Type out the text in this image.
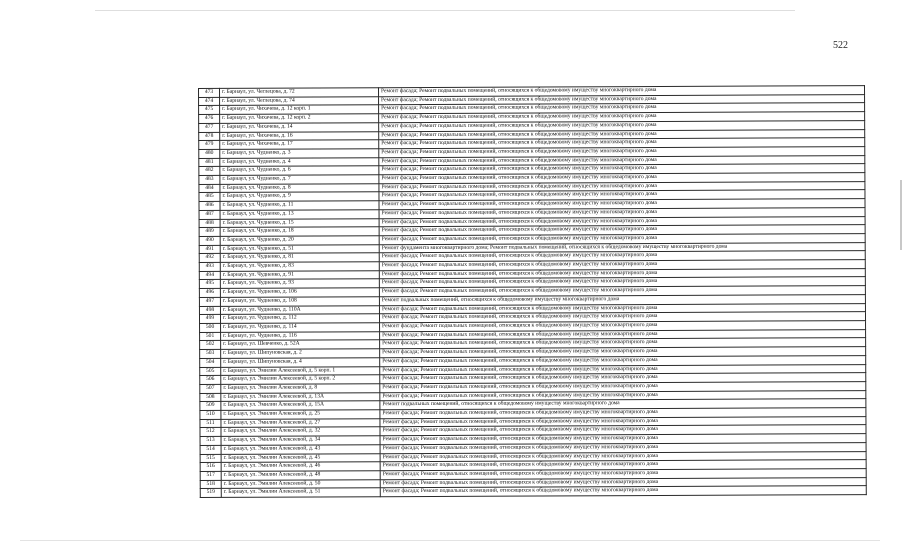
522
473	г. Барнаул, ул. Чеглецова, д. 72	Ремонт фасада; Ремонт подвальных помещений, относящихся к общедомовому имуществу многоквартирного дома
474	г. Барнаул, ул. Чеглецова, д. 74	Ремонт фасада; Ремонт подвальных помещений, относящихся к общедомовому имуществу многоквартирного дома
475	г. Барнаул, ул. Чихачева, д. 12 корп. 1	Ремонт фасада; Ремонт подвальных помещений, относящихся к общедомовому имуществу многоквартирного дома
476	г. Барнаул, ул. Чихачева, д. 12 корп. 2	Ремонт фасада; Ремонт подвальных помещений, относящихся к общедомовому имуществу многоквартирного дома
477	г. Барнаул, ул. Чихачева, д. 14	Ремонт фасада; Ремонт подвальных помещений, относящихся к общедомовому имуществу многоквартирного дома
478	г. Барнаул, ул. Чихачева, д. 16	Ремонт фасада; Ремонт подвальных помещений, относящихся к общедомовому имуществу многоквартирного дома
479	г. Барнаул, ул. Чихачева, д. 17	Ремонт фасада; Ремонт подвальных помещений, относящихся к общедомовому имуществу многоквартирного дома
480	г. Барнаул, ул. Чудненко, д. 3	Ремонт фасада; Ремонт подвальных помещений, относящихся к общедомовому имуществу многоквартирного дома
481	г. Барнаул, ул. Чудненко, д. 4	Ремонт фасада; Ремонт подвальных помещений, относящихся к общедомовому имуществу многоквартирного дома
482	г. Барнаул, ул. Чудненко, д. 6	Ремонт фасада; Ремонт подвальных помещений, относящихся к общедомовому имуществу многоквартирного дома
483	г. Барнаул, ул. Чудненко, д. 7	Ремонт фасада; Ремонт подвальных помещений, относящихся к общедомовому имуществу многоквартирного дома
484	г. Барнаул, ул. Чудненко, д. 8	Ремонт фасада; Ремонт подвальных помещений, относящихся к общедомовому имуществу многоквартирного дома
485	г. Барнаул, ул. Чудненко, д. 9	Ремонт фасада; Ремонт подвальных помещений, относящихся к общедомовому имуществу многоквартирного дома
486	г. Барнаул, ул. Чудненко, д. 11	Ремонт фасада; Ремонт подвальных помещений, относящихся к общедомовому имуществу многоквартирного дома
487	г. Барнаул, ул. Чудненко, д. 13	Ремонт фасада; Ремонт подвальных помещений, относящихся к общедомовому имуществу многоквартирного дома
488	г. Барнаул, ул. Чудненко, д. 15	Ремонт фасада; Ремонт подвальных помещений, относящихся к общедомовому имуществу многоквартирного дома
489	г. Барнаул, ул. Чудненко, д. 18	Ремонт фасада; Ремонт подвальных помещений, относящихся к общедомовому имуществу многоквартирного дома
490	г. Барнаул, ул. Чудненко, д. 20	Ремонт фасада; Ремонт подвальных помещений, относящихся к общедомовому имуществу многоквартирного дома
491	г. Барнаул, ул. Чудненко, д. 51	Ремонт фундамента многоквартирного дома; Ремонт подвальных помещений, относящихся к общедомовому имуществу многоквартирного дома
492	г. Барнаул, ул. Чудненко, д. 81	Ремонт фасада; Ремонт подвальных помещений, относящихся к общедомовому имуществу многоквартирного дома
493	г. Барнаул, ул. Чудненко, д. 83	Ремонт фасада; Ремонт подвальных помещений, относящихся к общедомовому имуществу многоквартирного дома
494	г. Барнаул, ул. Чудненко, д. 91	Ремонт фасада; Ремонт подвальных помещений, относящихся к общедомовому имуществу многоквартирного дома
495	г. Барнаул, ул. Чудненко, д. 93	Ремонт фасада; Ремонт подвальных помещений, относящихся к общедомовому имуществу многоквартирного дома
496	г. Барнаул, ул. Чудненко, д. 106	Ремонт фасада; Ремонт подвальных помещений, относящихся к общедомовому имуществу многоквартирного дома
497	г. Барнаул, ул. Чудненко, д. 108	Ремонт подвальных помещений, относящихся к общедомовому имуществу многоквартирного дома
498	г. Барнаул, ул. Чудненко, д. 110А	Ремонт фасада; Ремонт подвальных помещений, относящихся к общедомовому имуществу многоквартирного дома
499	г. Барнаул, ул. Чудненко, д. 112	Ремонт фасада; Ремонт подвальных помещений, относящихся к общедомовому имуществу многоквартирного дома
500	г. Барнаул, ул. Чудненко, д. 114	Ремонт фасада; Ремонт подвальных помещений, относящихся к общедомовому имуществу многоквартирного дома
501	г. Барнаул, ул. Чудненко, д. 116	Ремонт фасада; Ремонт подвальных помещений, относящихся к общедомовому имуществу многоквартирного дома
502	г. Барнаул, ул. Шевченко, д. 52А	Ремонт фасада; Ремонт подвальных помещений, относящихся к общедомовому имуществу многоквартирного дома
503	г. Барнаул, ул. Шипуновская, д. 2	Ремонт фасада; Ремонт подвальных помещений, относящихся к общедомовому имуществу многоквартирного дома
504	г. Барнаул, ул. Шипуновская, д. 4	Ремонт фасада; Ремонт подвальных помещений, относящихся к общедомовому имуществу многоквартирного дома
505	г. Барнаул, ул. Эмилии Алексеевой, д. 5 корп. 1	Ремонт фасада; Ремонт подвальных помещений, относящихся к общедомовому имуществу многоквартирного дома
506	г. Барнаул, ул. Эмилии Алексеевой, д. 5 корп. 2	Ремонт фасада; Ремонт подвальных помещений, относящихся к общедомовому имуществу многоквартирного дома
507	г. Барнаул, ул. Эмилии Алексеевой, д. 8	Ремонт фасада; Ремонт подвальных помещений, относящихся к общедомовому имуществу многоквартирного дома
508	г. Барнаул, ул. Эмилии Алексеевой, д. 13А	Ремонт фасада; Ремонт подвальных помещений, относящихся к общедомовому имуществу многоквартирного дома
509	г. Барнаул, ул. Эмилии Алексеевой, д. 15А	Ремонт подвальных помещений, относящихся к общедомовому имуществу многоквартирного дома
510	г. Барнаул, ул. Эмилии Алексеевой, д. 25	Ремонт фасада; Ремонт подвальных помещений, относящихся к общедомовому имуществу многоквартирного дома
511	г. Барнаул, ул. Эмилии Алексеевой, д. 27	Ремонт фасада; Ремонт подвальных помещений, относящихся к общедомовому имуществу многоквартирного дома
512	г. Барнаул, ул. Эмилии Алексеевой, д. 32	Ремонт фасада; Ремонт подвальных помещений, относящихся к общедомовому имуществу многоквартирного дома
513	г. Барнаул, ул. Эмилии Алексеевой, д. 34	Ремонт фасада; Ремонт подвальных помещений, относящихся к общедомовому имуществу многоквартирного дома
514	г. Барнаул, ул. Эмилии Алексеевой, д. 43	Ремонт фасада; Ремонт подвальных помещений, относящихся к общедомовому имуществу многоквартирного дома
515	г. Барнаул, ул. Эмилии Алексеевой, д. 45	Ремонт фасада; Ремонт подвальных помещений, относящихся к общедомовому имуществу многоквартирного дома
516	г. Барнаул, ул. Эмилии Алексеевой, д. 46	Ремонт фасада; Ремонт подвальных помещений, относящихся к общедомовому имуществу многоквартирного дома
517	г. Барнаул, ул. Эмилии Алексеевой, д. 48	Ремонт фасада; Ремонт подвальных помещений, относящихся к общедомовому имуществу многоквартирного дома
518	г. Барнаул, ул. Эмилии Алексеевой, д. 50	Ремонт фасада; Ремонт подвальных помещений, относящихся к общедомовому имуществу многоквартирного дома
519	г. Барнаул, ул. Эмилии Алексеевой, д. 51	Ремонт фасада; Ремонт подвальных помещений, относящихся к общедомовому имуществу многоквартирного дома
